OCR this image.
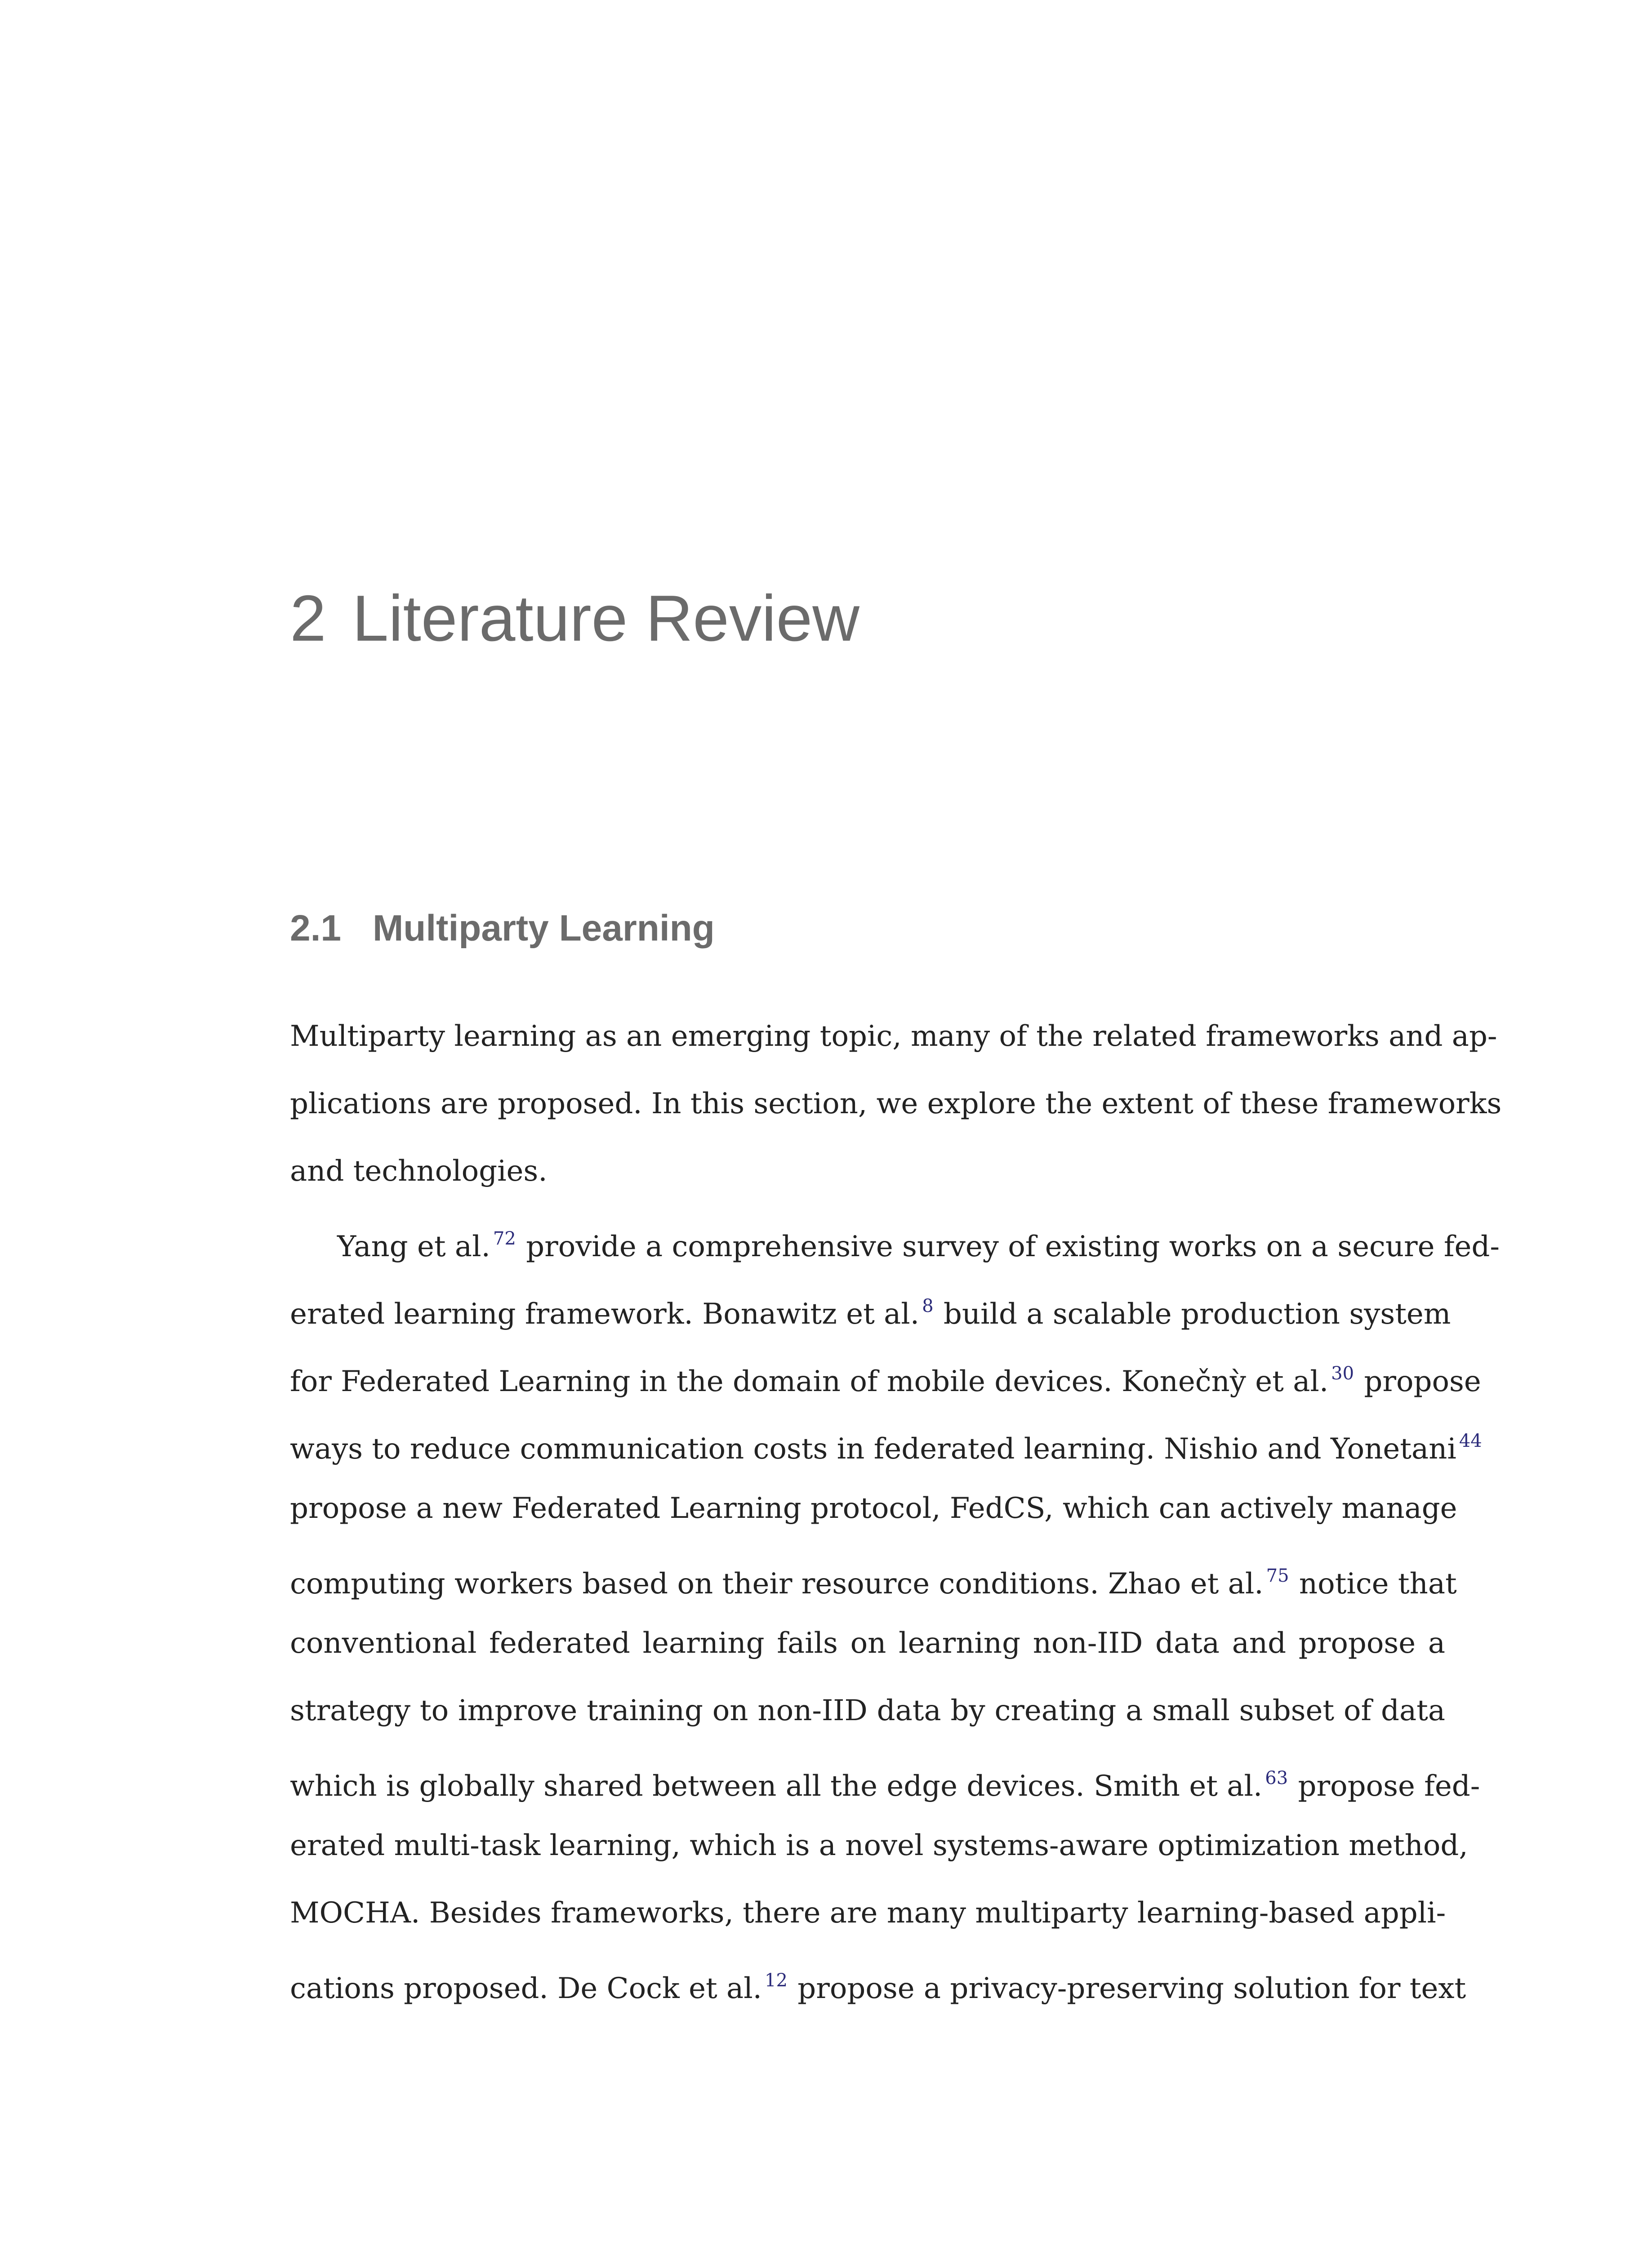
2 Literature Review
2.1 Multiparty Learning
Multiparty learning as an emerging topic, many of the related frameworks and ap-
plications are proposed. In this section, we explore the extent of these frameworks
and technologies.
Yang et al. $^{72}$ provide a comprehensive survey of existing works on a secure fed-
erated learning framework. Bonawitz et al. $^8$ build a scalable production system
for Federated Learning in the domain of mobile devices. Konečnỳ et al. $^{30}$ propose
ways to reduce communication costs in federated learning. Nishio and Yonetani $^{44}$
propose a new Federated Learning protocol, FedCS, which can actively manage
computing workers based on their resource conditions. Zhao et al. $^{75}$ notice that
conventional federated learning fails on learning non-IID data and propose a
strategy to improve training on non-IID data by creating a small subset of data
which is globally shared between all the edge devices. Smith et al. $^{63}$ propose fed-
erated multi-task learning, which is a novel systems-aware optimization method,
MOCHA. Besides frameworks, there are many multiparty learning-based appli-
cations proposed. De Cock et al. $^{12}$ propose a privacy-preserving solution for text
